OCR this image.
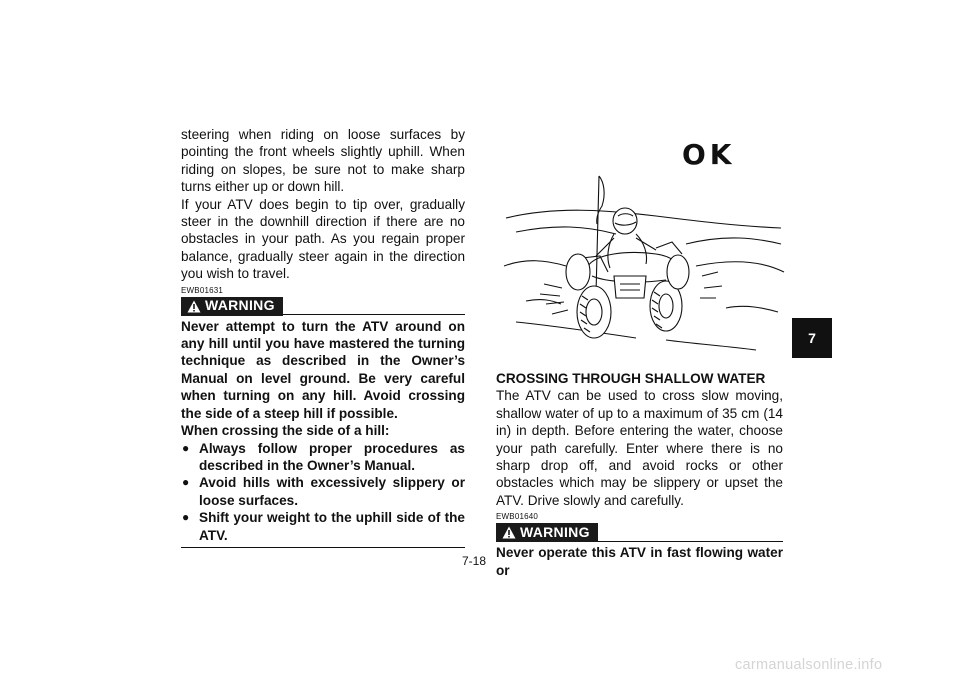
steering when riding on loose surfaces by pointing the front wheels slightly uphill. When riding on slopes, be sure not to make sharp turns either up or down hill.

If your ATV does begin to tip over, gradually steer in the downhill direction if there are no obstacles in your path. As you regain proper balance, gradually steer again in the direction you wish to travel.

EWB01631
WARNING

Never attempt to turn the ATV around on any hill until you have mastered the turning technique as described in the Owner’s Manual on level ground. Be very careful when turning on any hill. Avoid crossing the side of a steep hill if possible.

When crossing the side of a hill:

● Always follow proper procedures as described in the Owner’s Manual.
● Avoid hills with excessively slippery or loose surfaces.
● Shift your weight to the uphill side of the ATV.
OK

CROSSING THROUGH SHALLOW WATER

The ATV can be used to cross slow moving, shallow water of up to a maximum of 35 cm (14 in) in depth. Before entering the water, choose your path carefully. Enter where there is no sharp drop off, and avoid rocks or other obstacles which may be slippery or upset the ATV. Drive slowly and carefully.

EWB01640
WARNING

Never operate this ATV in fast flowing water or

7
7-18
carmanualsonline.info
